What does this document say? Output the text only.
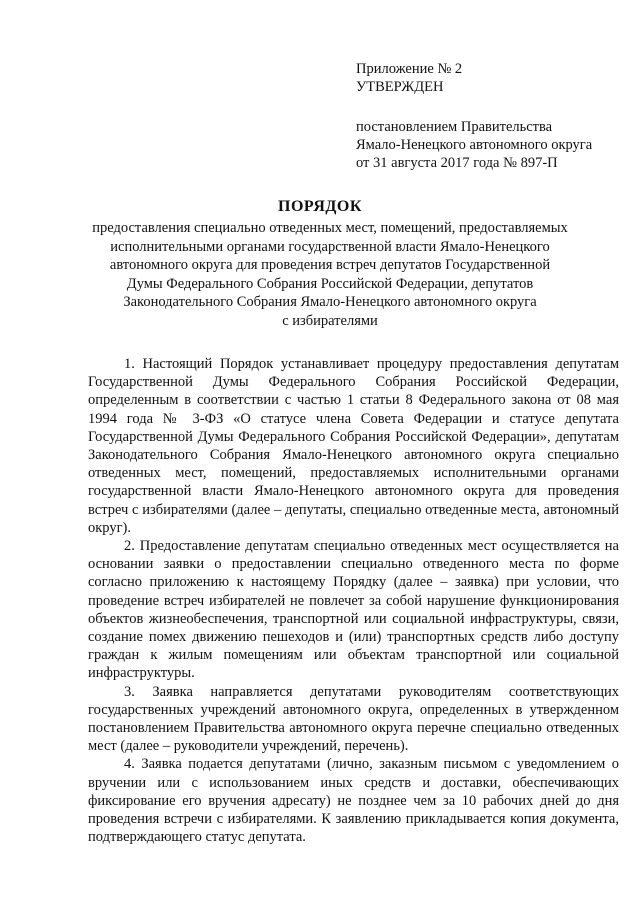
Приложение № 2
УТВЕРЖДЕН
постановлением Правительства
Ямало-Ненецкого автономного округа
от 31 августа 2017 года № 897-П
ПОРЯДОК
предоставления специально отведенных мест, помещений, предоставляемых
исполнительными органами государственной власти Ямало-Ненецкого
автономного округа для проведения встреч депутатов Государственной
Думы Федерального Собрания Российской Федерации, депутатов
Законодательного Собрания Ямало-Ненецкого автономного округа
с избирателями

1. Настоящий Порядок устанавливает процедуру предоставления депутатам Государственной Думы Федерального Собрания Российской Федерации, определенным в соответствии с частью 1 статьи 8 Федерального закона от 08 мая 1994 года № 3-ФЗ «О статусе члена Совета Федерации и статусе депутата Государственной Думы Федерального Собрания Российской Федерации», депутатам Законодательного Собрания Ямало-Ненецкого автономного округа специально отведенных мест, помещений, предоставляемых исполнительными органами государственной власти Ямало-Ненецкого автономного округа для проведения встреч с избирателями (далее – депутаты, специально отведенные места, автономный округ).

2. Предоставление депутатам специально отведенных мест осуществляется на основании заявки о предоставлении специально отведенного места по форме согласно приложению к настоящему Порядку (далее – заявка) при условии, что проведение встреч избирателей не повлечет за собой нарушение функционирования объектов жизнеобеспечения, транспортной или социальной инфраструктуры, связи, создание помех движению пешеходов и (или) транспортных средств либо доступу граждан к жилым помещениям или объектам транспортной или социальной инфраструктуры.

3. Заявка направляется депутатами руководителям соответствующих государственных учреждений автономного округа, определенных в утвержденном постановлением Правительства автономного округа перечне специально отведенных мест (далее – руководители учреждений, перечень).

4. Заявка подается депутатами (лично, заказным письмом с уведомлением о вручении или с использованием иных средств и доставки, обеспечивающих фиксирование его вручения адресату) не позднее чем за 10 рабочих дней до дня проведения встречи с избирателями. К заявлению прикладывается копия документа, подтверждающего статус депутата.
